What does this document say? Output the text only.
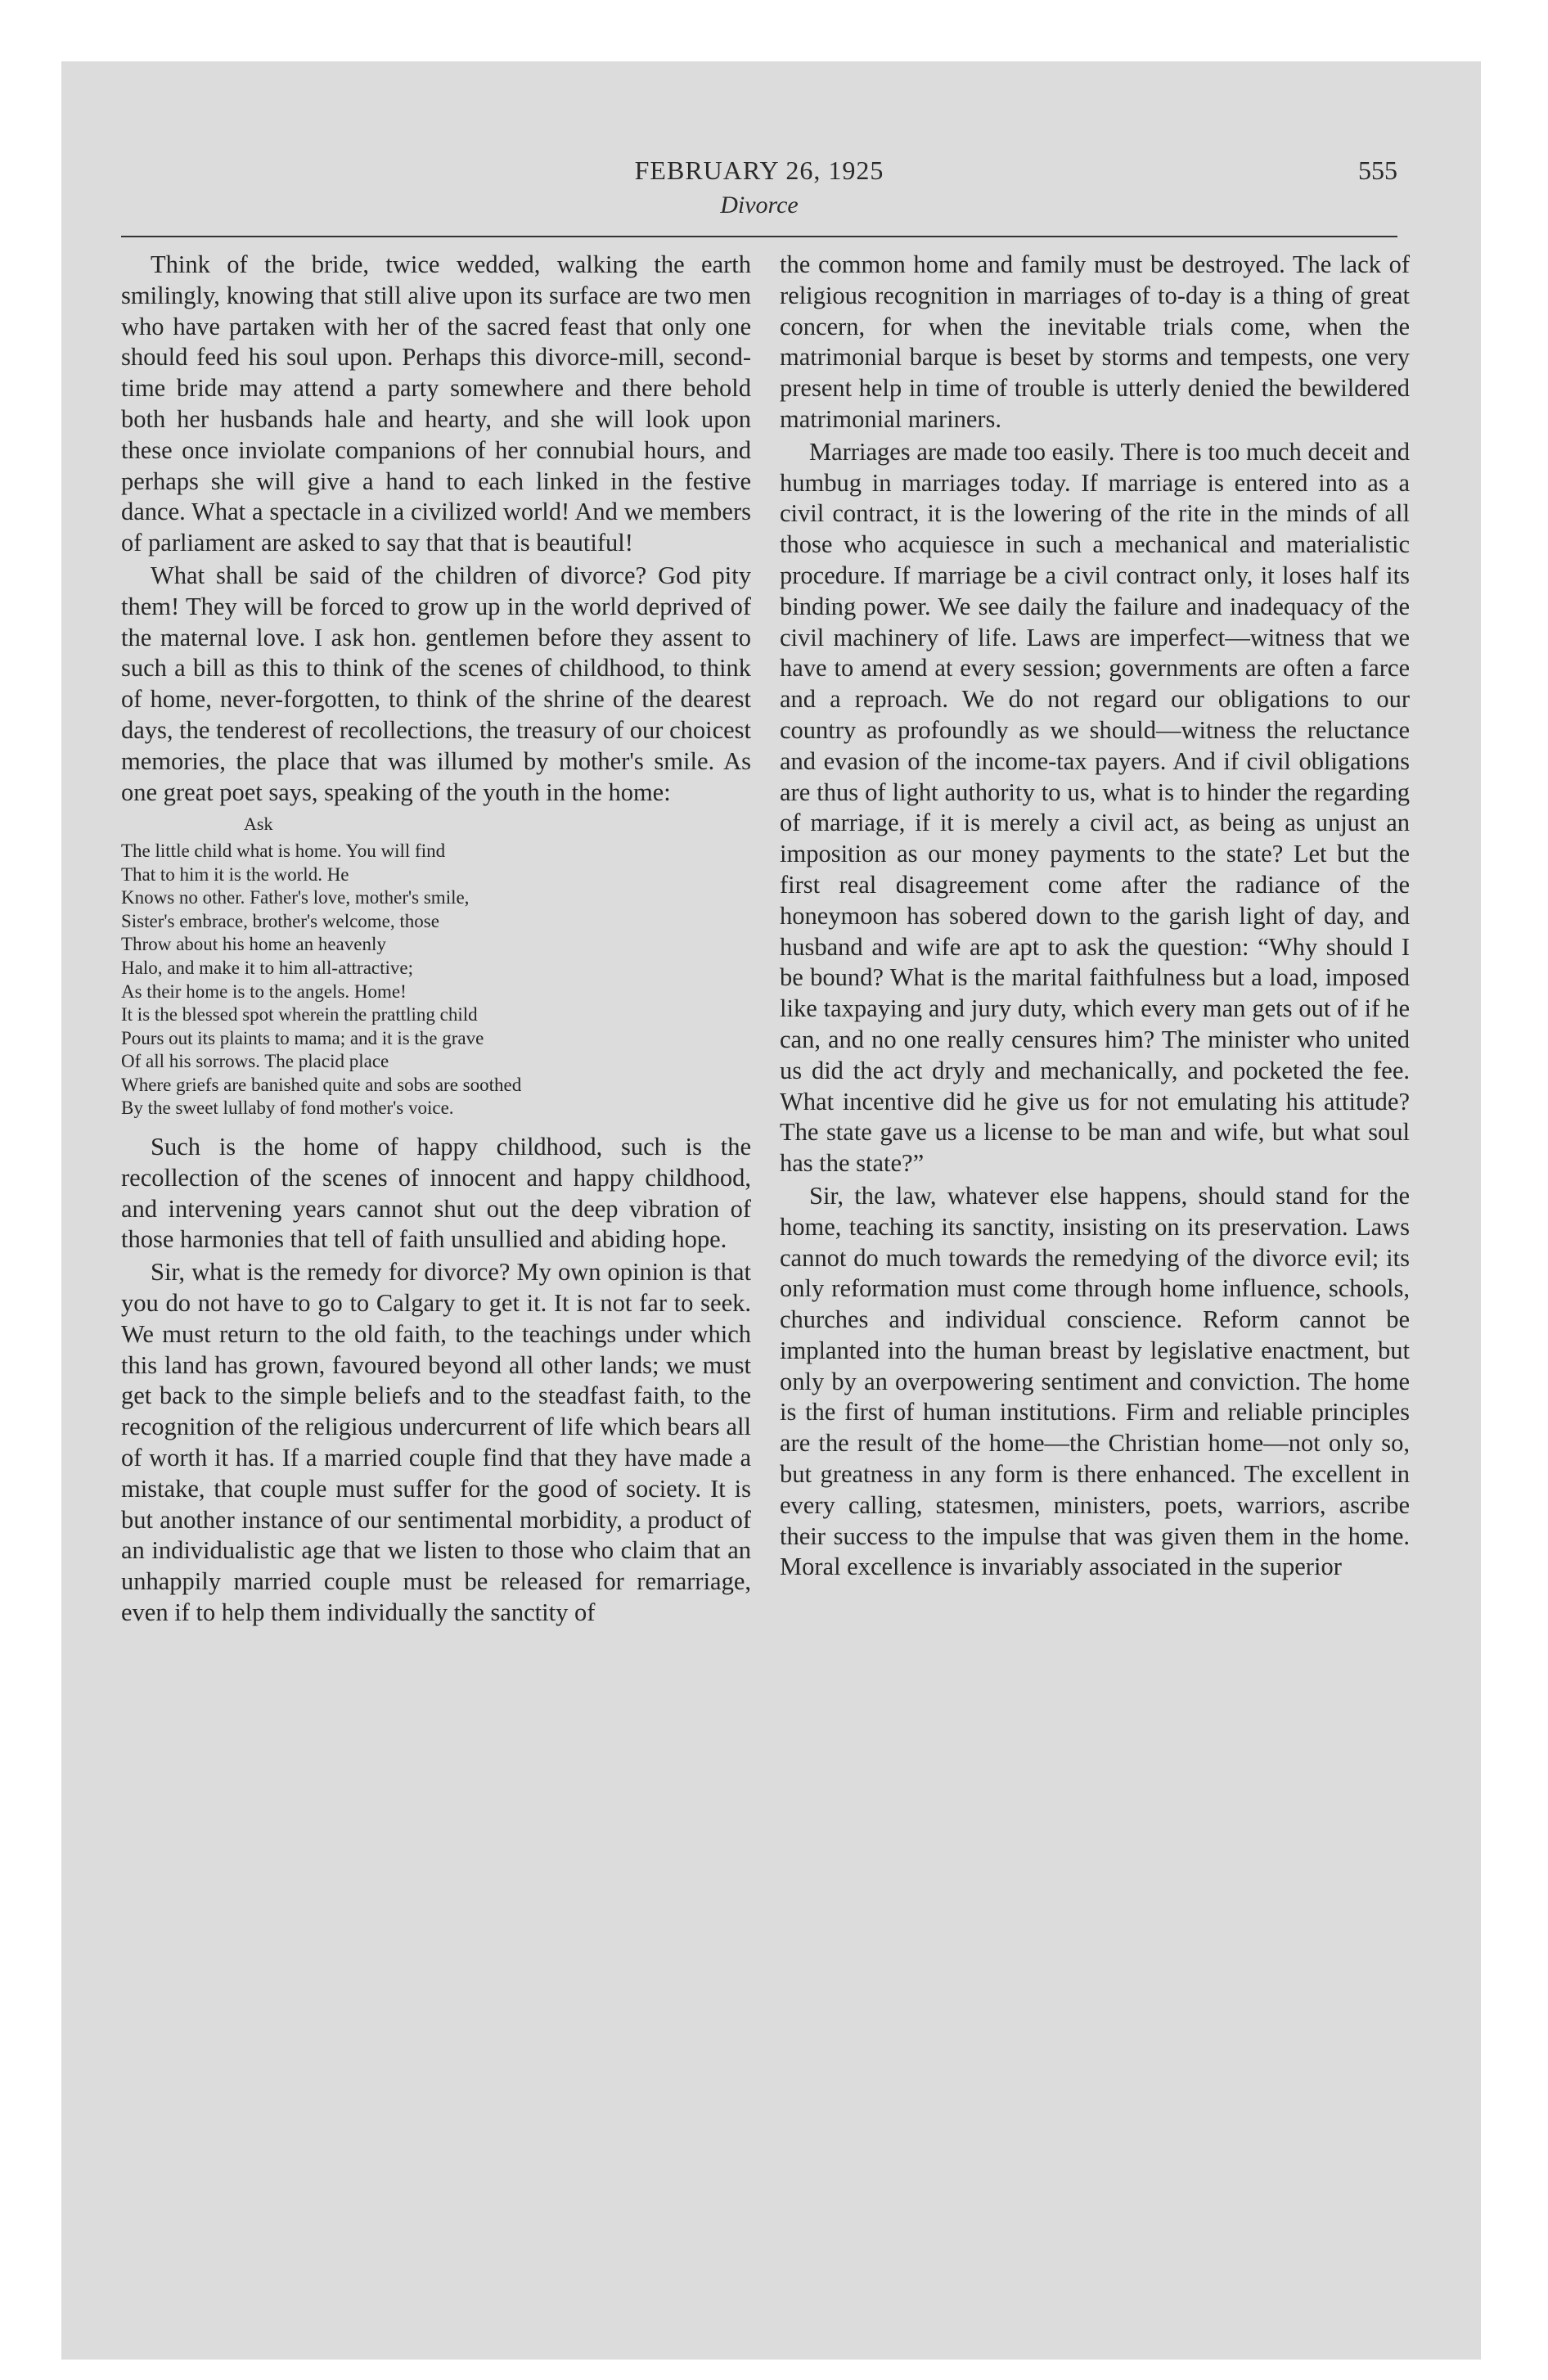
FEBRUARY 26, 1925	555
Divorce

Think of the bride, twice wedded, walking the earth smilingly, knowing that still alive upon its surface are two men who have partaken with her of the sacred feast that only one should feed his soul upon. Perhaps this divorce-mill, second-time bride may attend a party somewhere and there behold both her husbands hale and hearty, and she will look upon these once inviolate companions of her connubial hours, and perhaps she will give a hand to each linked in the festive dance. What a spectacle in a civilized world! And we members of parliament are asked to say that that is beautiful!

What shall be said of the children of divorce? God pity them! They will be forced to grow up in the world deprived of the maternal love. I ask hon. gentlemen before they assent to such a bill as this to think of the scenes of childhood, to think of home, never-forgotten, to think of the shrine of the dearest days, the tenderest of recollections, the treasury of our choicest memories, the place that was illumed by mother's smile. As one great poet says, speaking of the youth in the home:

Ask
The little child what is home. You will find
That to him it is the world. He
Knows no other. Father's love, mother's smile,
Sister's embrace, brother's welcome, those
Throw about his home an heavenly
Halo, and make it to him all-attractive;
As their home is to the angels. Home!
It is the blessed spot wherein the prattling child
Pours out its plaints to mama; and it is the grave
Of all his sorrows. The placid place
Where griefs are banished quite and sobs are soothed
By the sweet lullaby of fond mother's voice.

Such is the home of happy childhood, such is the recollection of the scenes of innocent and happy childhood, and intervening years cannot shut out the deep vibration of those harmonies that tell of faith unsullied and abiding hope.

Sir, what is the remedy for divorce? My own opinion is that you do not have to go to Calgary to get it. It is not far to seek. We must return to the old faith, to the teachings under which this land has grown, favoured beyond all other lands; we must get back to the simple beliefs and to the steadfast faith, to the recognition of the religious undercurrent of life which bears all of worth it has. If a married couple find that they have made a mistake, that couple must suffer for the good of society. It is but another instance of our sentimental morbidity, a product of an individualistic age that we listen to those who claim that an unhappily married couple must be released for remarriage, even if to help them individually the sanctity of

the common home and family must be destroyed. The lack of religious recognition in marriages of to-day is a thing of great concern, for when the inevitable trials come, when the matrimonial barque is beset by storms and tempests, one very present help in time of trouble is utterly denied the bewildered matrimonial mariners.

Marriages are made too easily. There is too much deceit and humbug in marriages today. If marriage is entered into as a civil contract, it is the lowering of the rite in the minds of all those who acquiesce in such a mechanical and materialistic procedure. If marriage be a civil contract only, it loses half its binding power. We see daily the failure and inadequacy of the civil machinery of life. Laws are imperfect—witness that we have to amend at every session; governments are often a farce and a reproach. We do not regard our obligations to our country as profoundly as we should—witness the reluctance and evasion of the income-tax payers. And if civil obligations are thus of light authority to us, what is to hinder the regarding of marriage, if it is merely a civil act, as being as unjust an imposition as our money payments to the state? Let but the first real disagreement come after the radiance of the honeymoon has sobered down to the garish light of day, and husband and wife are apt to ask the question: “Why should I be bound? What is the marital faithfulness but a load, imposed like taxpaying and jury duty, which every man gets out of if he can, and no one really censures him? The minister who united us did the act dryly and mechanically, and pocketed the fee. What incentive did he give us for not emulating his attitude? The state gave us a license to be man and wife, but what soul has the state?”

Sir, the law, whatever else happens, should stand for the home, teaching its sanctity, insisting on its preservation. Laws cannot do much towards the remedying of the divorce evil; its only reformation must come through home influence, schools, churches and individual conscience. Reform cannot be implanted into the human breast by legislative enactment, but only by an overpowering sentiment and conviction. The home is the first of human institutions. Firm and reliable principles are the result of the home—the Christian home—not only so, but greatness in any form is there enhanced. The excellent in every calling, statesmen, ministers, poets, warriors, ascribe their success to the impulse that was given them in the home. Moral excellence is invariably associated in the superior
